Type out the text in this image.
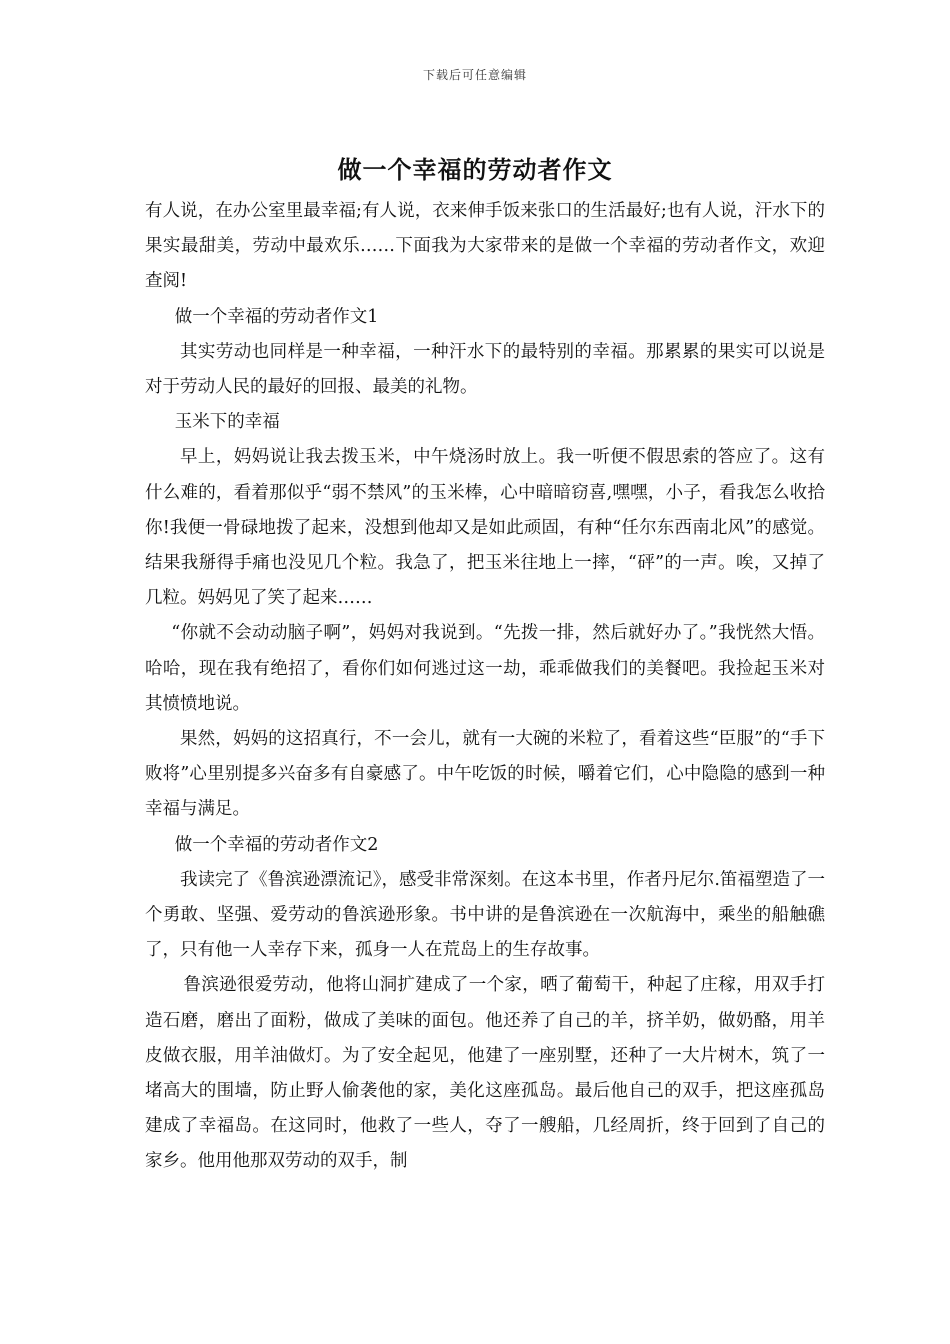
下载后可任意编辑
做一个幸福的劳动者作文

有人说，在办公室里最幸福;有人说，衣来伸手饭来张口的生活最好;也有人说，汗水下的果实最甜美，劳动中最欢乐……下面我为大家带来的是做一个幸福的劳动者作文，欢迎查阅!

做一个幸福的劳动者作文1

其实劳动也同样是一种幸福，一种汗水下的最特别的幸福。那累累的果实可以说是对于劳动人民的最好的回报、最美的礼物。

玉米下的幸福

早上，妈妈说让我去拨玉米，中午烧汤时放上。我一听便不假思索的答应了。这有什么难的，看着那似乎“弱不禁风”的玉米棒，心中暗暗窃喜,嘿嘿，小子，看我怎么收拾你!我便一骨碌地拨了起来，没想到他却又是如此顽固，有种“任尔东西南北风”的感觉。结果我掰得手痛也没见几个粒。我急了，把玉米往地上一摔，“砰”的一声。唉，又掉了几粒。妈妈见了笑了起来……

“你就不会动动脑子啊”，妈妈对我说到。“先拨一排，然后就好办了。”我恍然大悟。哈哈，现在我有绝招了，看你们如何逃过这一劫，乖乖做我们的美餐吧。我捡起玉米对其愤愤地说。

果然，妈妈的这招真行，不一会儿，就有一大碗的米粒了，看着这些“臣服”的“手下败将”心里别提多兴奋多有自豪感了。中午吃饭的时候，嚼着它们，心中隐隐的感到一种幸福与满足。

做一个幸福的劳动者作文2

我读完了《鲁滨逊漂流记》，感受非常深刻。在这本书里，作者丹尼尔.笛福塑造了一个勇敢、坚强、爱劳动的鲁滨逊形象。书中讲的是鲁滨逊在一次航海中，乘坐的船触礁了，只有他一人幸存下来，孤身一人在荒岛上的生存故事。

鲁滨逊很爱劳动，他将山洞扩建成了一个家，晒了葡萄干，种起了庄稼，用双手打造石磨，磨出了面粉，做成了美味的面包。他还养了自己的羊，挤羊奶，做奶酪，用羊皮做衣服，用羊油做灯。为了安全起见，他建了一座别墅，还种了一大片树木，筑了一堵高大的围墙，防止野人偷袭他的家，美化这座孤岛。最后他自己的双手，把这座孤岛建成了幸福岛。在这同时，他救了一些人，夺了一艘船，几经周折，终于回到了自己的家乡。他用他那双劳动的双手，制
